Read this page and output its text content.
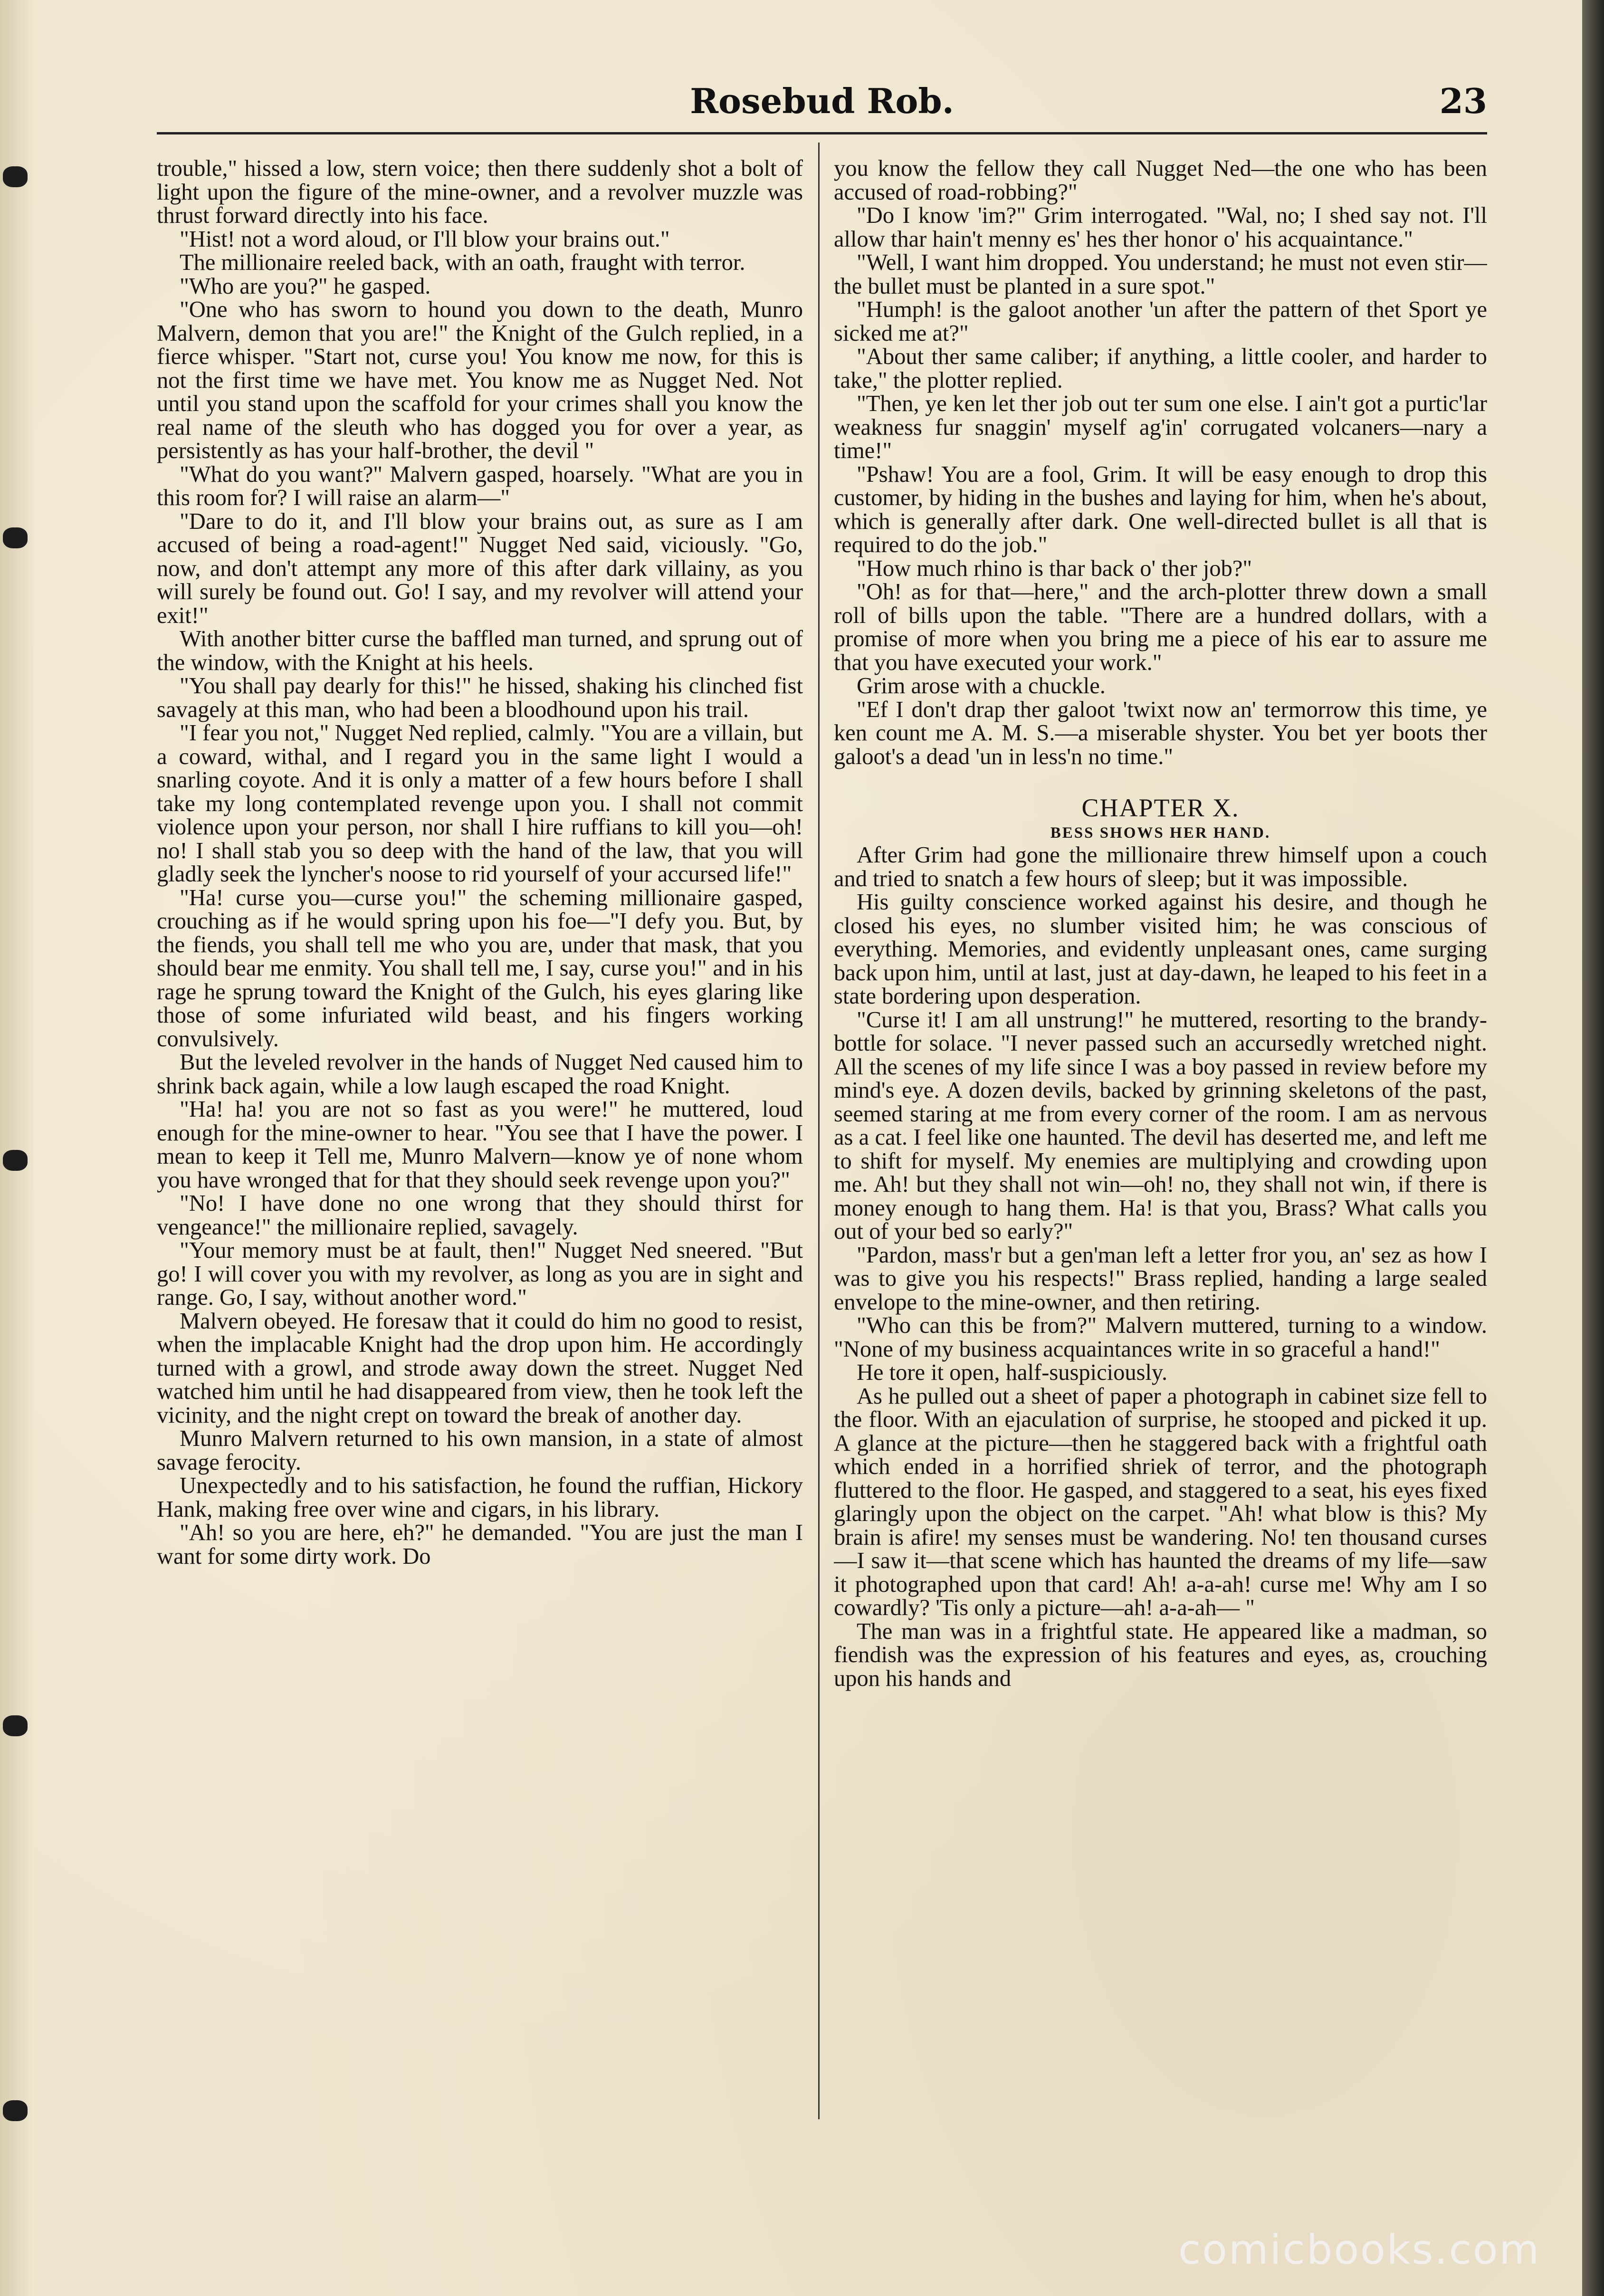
Rosebud Rob.	23

trouble," hissed a low, stern voice; then there suddenly shot a bolt of light upon the figure of the mine-owner, and a revolver muzzle was thrust forward directly into his face.

"Hist! not a word aloud, or I'll blow your brains out."

The millionaire reeled back, with an oath, fraught with terror.

"Who are you?" he gasped.

"One who has sworn to hound you down to the death, Munro Malvern, demon that you are!" the Knight of the Gulch replied, in a fierce whisper. "Start not, curse you! You know me now, for this is not the first time we have met. You know me as Nugget Ned. Not until you stand upon the scaffold for your crimes shall you know the real name of the sleuth who has dogged you for over a year, as persistently as has your half-brother, the devil "

"What do you want?" Malvern gasped, hoarsely. "What are you in this room for? I will raise an alarm—"

"Dare to do it, and I'll blow your brains out, as sure as I am accused of being a road-agent!" Nugget Ned said, viciously. "Go, now, and don't attempt any more of this after dark villainy, as you will surely be found out. Go! I say, and my revolver will attend your exit!"

With another bitter curse the baffled man turned, and sprung out of the window, with the Knight at his heels.

"You shall pay dearly for this!" he hissed, shaking his clinched fist savagely at this man, who had been a bloodhound upon his trail.

"I fear you not," Nugget Ned replied, calmly. "You are a villain, but a coward, withal, and I regard you in the same light I would a snarling coyote. And it is only a matter of a few hours before I shall take my long contemplated revenge upon you. I shall not commit violence upon your person, nor shall I hire ruffians to kill you—oh! no! I shall stab you so deep with the hand of the law, that you will gladly seek the lyncher's noose to rid yourself of your accursed life!"

"Ha! curse you—curse you!" the scheming millionaire gasped, crouching as if he would spring upon his foe—"I defy you. But, by the fiends, you shall tell me who you are, under that mask, that you should bear me enmity. You shall tell me, I say, curse you!" and in his rage he sprung toward the Knight of the Gulch, his eyes glaring like those of some infuriated wild beast, and his fingers working convulsively.

But the leveled revolver in the hands of Nugget Ned caused him to shrink back again, while a low laugh escaped the road Knight.

"Ha! ha! you are not so fast as you were!" he muttered, loud enough for the mine-owner to hear. "You see that I have the power. I mean to keep it Tell me, Munro Malvern—know ye of none whom you have wronged that for that they should seek revenge upon you?"

"No! I have done no one wrong that they should thirst for vengeance!" the millionaire replied, savagely.

"Your memory must be at fault, then!" Nugget Ned sneered. "But go! I will cover you with my revolver, as long as you are in sight and range. Go, I say, without another word."

Malvern obeyed. He foresaw that it could do him no good to resist, when the implacable Knight had the drop upon him. He accordingly turned with a growl, and strode away down the street. Nugget Ned watched him until he had disappeared from view, then he took left the vicinity, and the night crept on toward the break of another day.

Munro Malvern returned to his own mansion, in a state of almost savage ferocity.

Unexpectedly and to his satisfaction, he found the ruffian, Hickory Hank, making free over wine and cigars, in his library.

"Ah! so you are here, eh?" he demanded. "You are just the man I want for some dirty work. Do

you know the fellow they call Nugget Ned—the one who has been accused of road-robbing?"

"Do I know 'im?" Grim interrogated. "Wal, no; I shed say not. I'll allow thar hain't menny es' hes ther honor o' his acquaintance."

"Well, I want him dropped. You understand; he must not even stir—the bullet must be planted in a sure spot."

"Humph! is the galoot another 'un after the pattern of thet Sport ye sicked me at?"

"About ther same caliber; if anything, a little cooler, and harder to take," the plotter replied.

"Then, ye ken let ther job out ter sum one else. I ain't got a purtic'lar weakness fur snaggin' myself ag'in' corrugated volcaners—nary a time!"

"Pshaw! You are a fool, Grim. It will be easy enough to drop this customer, by hiding in the bushes and laying for him, when he's about, which is generally after dark. One well-directed bullet is all that is required to do the job."

"How much rhino is thar back o' ther job?"

"Oh! as for that—here," and the arch-plotter threw down a small roll of bills upon the table. "There are a hundred dollars, with a promise of more when you bring me a piece of his ear to assure me that you have executed your work."

Grim arose with a chuckle.

"Ef I don't drap ther galoot 'twixt now an' termorrow this time, ye ken count me A. M. S.—a miserable shyster. You bet yer boots ther galoot's a dead 'un in less'n no time."

CHAPTER X.
BESS SHOWS HER HAND.

After Grim had gone the millionaire threw himself upon a couch and tried to snatch a few hours of sleep; but it was impossible.

His guilty conscience worked against his desire, and though he closed his eyes, no slumber visited him; he was conscious of everything. Memories, and evidently unpleasant ones, came surging back upon him, until at last, just at day-dawn, he leaped to his feet in a state bordering upon desperation.

"Curse it! I am all unstrung!" he muttered, resorting to the brandy-bottle for solace. "I never passed such an accursedly wretched night. All the scenes of my life since I was a boy passed in review before my mind's eye. A dozen devils, backed by grinning skeletons of the past, seemed staring at me from every corner of the room. I am as nervous as a cat. I feel like one haunted. The devil has deserted me, and left me to shift for myself. My enemies are multiplying and crowding upon me. Ah! but they shall not win—oh! no, they shall not win, if there is money enough to hang them. Ha! is that you, Brass? What calls you out of your bed so early?"

"Pardon, mass'r but a gen'man left a letter fror you, an' sez as how I was to give you his respects!" Brass replied, handing a large sealed envelope to the mine-owner, and then retiring.

"Who can this be from?" Malvern muttered, turning to a window. "None of my business acquaintances write in so graceful a hand!"

He tore it open, half-suspiciously.

As he pulled out a sheet of paper a photograph in cabinet size fell to the floor. With an ejaculation of surprise, he stooped and picked it up. A glance at the picture—then he staggered back with a frightful oath which ended in a horrified shriek of terror, and the photograph fluttered to the floor. He gasped, and staggered to a seat, his eyes fixed glaringly upon the object on the carpet. "Ah! what blow is this? My brain is afire! my senses must be wandering. No! ten thousand curses—I saw it—that scene which has haunted the dreams of my life—saw it photographed upon that card! Ah! a-a-ah! curse me! Why am I so cowardly? 'Tis only a picture—ah! a-a-ah— "

The man was in a frightful state. He appeared like a madman, so fiendish was the expression of his features and eyes, as, crouching upon his hands and

comicbooks.com
